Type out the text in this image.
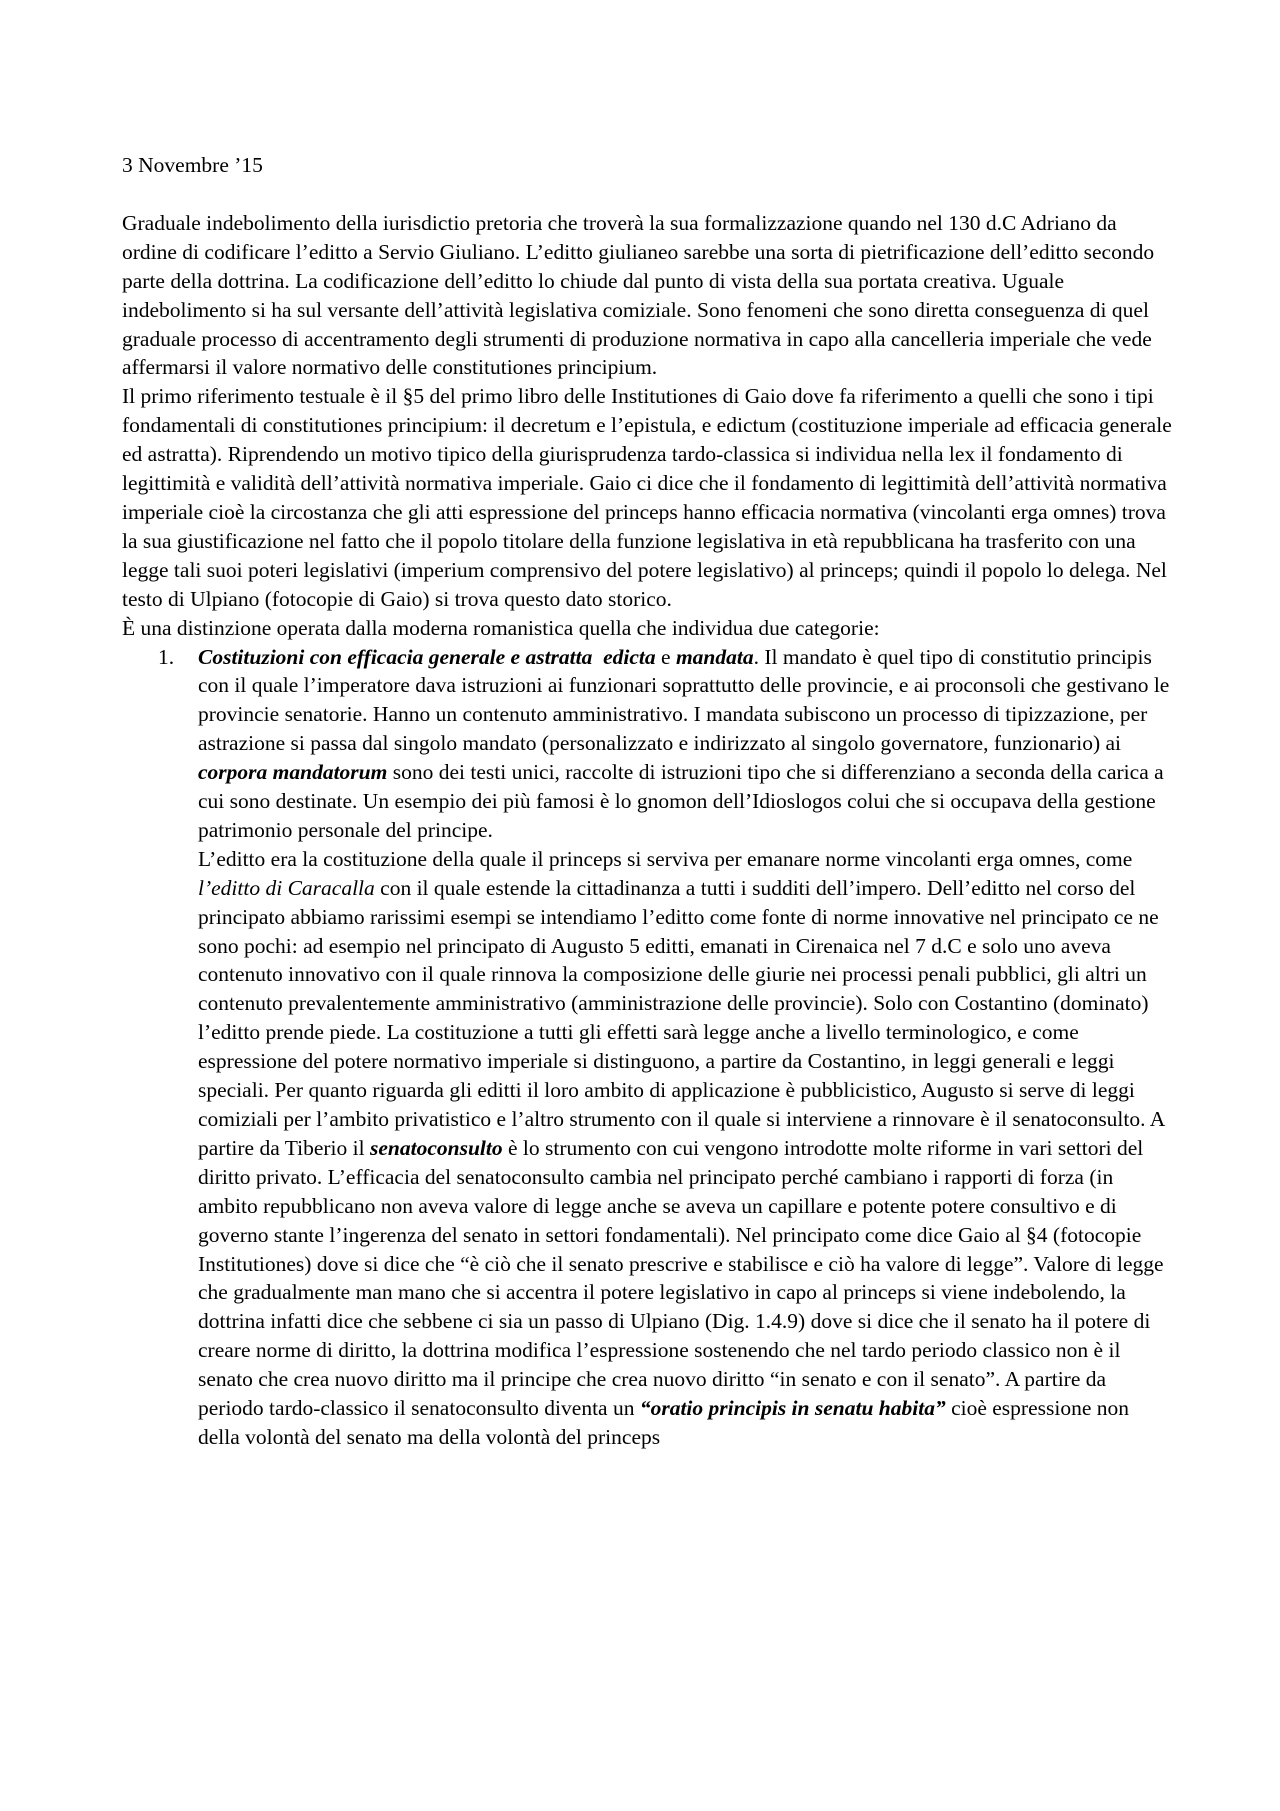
3 Novembre ’15

Graduale indebolimento della iurisdictio pretoria che troverà la sua formalizzazione quando nel 130 d.C Adriano da ordine di codificare l’editto a Servio Giuliano. L’editto giulianeo sarebbe una sorta di pietrificazione dell’editto secondo parte della dottrina. La codificazione dell’editto lo chiude dal punto di vista della sua portata creativa. Uguale indebolimento si ha sul versante dell’attività legislativa comiziale. Sono fenomeni che sono diretta conseguenza di quel graduale processo di accentramento degli strumenti di produzione normativa in capo alla cancelleria imperiale che vede affermarsi il valore normativo delle constitutiones principium.

Il primo riferimento testuale è il §5 del primo libro delle Institutiones di Gaio dove fa riferimento a quelli che sono i tipi fondamentali di constitutiones principium: il decretum e l’epistula, e edictum (costituzione imperiale ad efficacia generale ed astratta). Riprendendo un motivo tipico della giurisprudenza tardo-classica si individua nella lex il fondamento di legittimità e validità dell’attività normativa imperiale. Gaio ci dice che il fondamento di legittimità dell’attività normativa imperiale cioè la circostanza che gli atti espressione del princeps hanno efficacia normativa (vincolanti erga omnes) trova la sua giustificazione nel fatto che il popolo titolare della funzione legislativa in età repubblicana ha trasferito con una legge tali suoi poteri legislativi (imperium comprensivo del potere legislativo) al princeps; quindi il popolo lo delega. Nel testo di Ulpiano (fotocopie di Gaio) si trova questo dato storico.

È una distinzione operata dalla moderna romanistica quella che individua due categorie:

1. Costituzioni con efficacia generale e astratta edicta e mandata. Il mandato è quel tipo di constitutio principis con il quale l’imperatore dava istruzioni ai funzionari soprattutto delle provincie, e ai proconsoli che gestivano le provincie senatorie. Hanno un contenuto amministrativo. I mandata subiscono un processo di tipizzazione, per astrazione si passa dal singolo mandato (personalizzato e indirizzato al singolo governatore, funzionario) ai corpora mandatorum sono dei testi unici, raccolte di istruzioni tipo che si differenziano a seconda della carica a cui sono destinate. Un esempio dei più famosi è lo gnomon dell’Idioslogos colui che si occupava della gestione patrimonio personale del principe.

L’editto era la costituzione della quale il princeps si serviva per emanare norme vincolanti erga omnes, come l’editto di Caracalla con il quale estende la cittadinanza a tutti i sudditi dell’impero. Dell’editto nel corso del principato abbiamo rarissimi esempi se intendiamo l’editto come fonte di norme innovative nel principato ce ne sono pochi: ad esempio nel principato di Augusto 5 editti, emanati in Cirenaica nel 7 d.C e solo uno aveva contenuto innovativo con il quale rinnova la composizione delle giurie nei processi penali pubblici, gli altri un contenuto prevalentemente amministrativo (amministrazione delle provincie). Solo con Costantino (dominato) l’editto prende piede. La costituzione a tutti gli effetti sarà legge anche a livello terminologico, e come espressione del potere normativo imperiale si distinguono, a partire da Costantino, in leggi generali e leggi speciali. Per quanto riguarda gli editti il loro ambito di applicazione è pubblicistico, Augusto si serve di leggi comiziali per l’ambito privatistico e l’altro strumento con il quale si interviene a rinnovare è il senatoconsulto. A partire da Tiberio il senatoconsulto è lo strumento con cui vengono introdotte molte riforme in vari settori del diritto privato. L’efficacia del senatoconsulto cambia nel principato perché cambiano i rapporti di forza (in ambito repubblicano non aveva valore di legge anche se aveva un capillare e potente potere consultivo e di governo stante l’ingerenza del senato in settori fondamentali). Nel principato come dice Gaio al §4 (fotocopie Institutiones) dove si dice che “è ciò che il senato prescrive e stabilisce e ciò ha valore di legge”. Valore di legge che gradualmente man mano che si accentra il potere legislativo in capo al princeps si viene indebolendo, la dottrina infatti dice che sebbene ci sia un passo di Ulpiano (Dig. 1.4.9) dove si dice che il senato ha il potere di creare norme di diritto, la dottrina modifica l’espressione sostenendo che nel tardo periodo classico non è il senato che crea nuovo diritto ma il principe che crea nuovo diritto “in senato e con il senato”. A partire da periodo tardo-classico il senatoconsulto diventa un “oratio principis in senatu habita” cioè espressione non della volontà del senato ma della volontà del princeps
